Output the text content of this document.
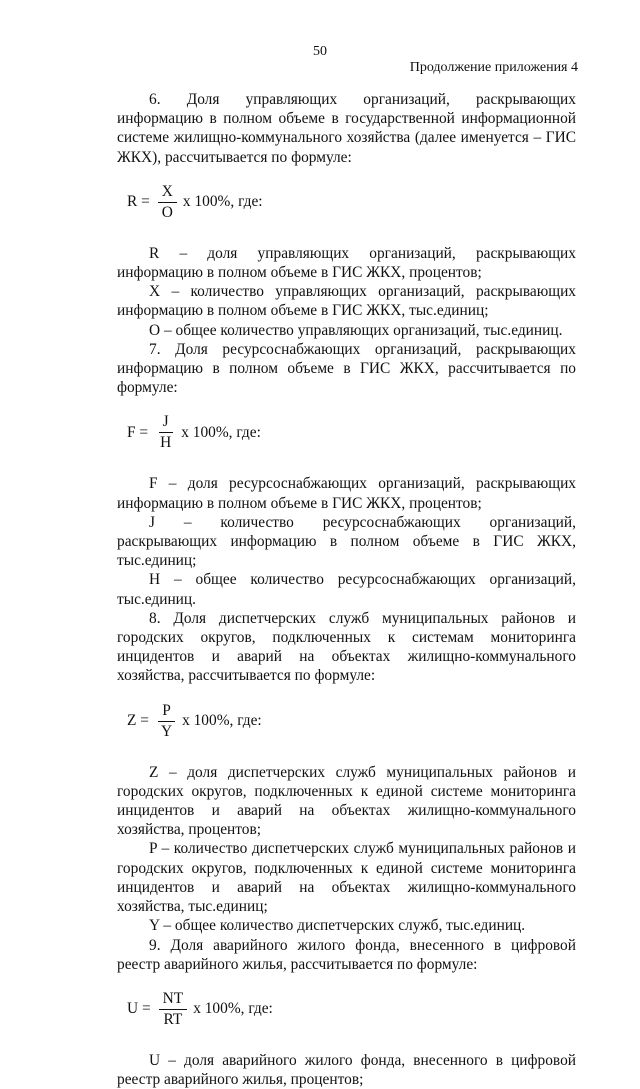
50
Продолжение приложения 4

6. Доля управляющих организаций, раскрывающих информацию в полном объеме в государственной информационной системе жилищно-коммунального хозяйства (далее именуется – ГИС ЖКХ), рассчитывается по формуле:

$R = \frac{X}{O}$ x 100%, где:

R – доля управляющих организаций, раскрывающих информацию в полном объеме в ГИС ЖКХ, процентов;

X – количество управляющих организаций, раскрывающих информацию в полном объеме в ГИС ЖКХ, тыс.единиц;

O – общее количество управляющих организаций, тыс.единиц.

7. Доля ресурсоснабжающих организаций, раскрывающих информацию в полном объеме в ГИС ЖКХ, рассчитывается по формуле:

$F = \frac{J}{H}$ x 100%, где:

F – доля ресурсоснабжающих организаций, раскрывающих информацию в полном объеме в ГИС ЖКХ, процентов;

J – количество ресурсоснабжающих организаций, раскрывающих информацию в полном объеме в ГИС ЖКХ, тыс.единиц;

H – общее количество ресурсоснабжающих организаций, тыс.единиц.

8. Доля диспетчерских служб муниципальных районов и городских округов, подключенных к системам мониторинга инцидентов и аварий на объектах жилищно-коммунального хозяйства, рассчитывается по формуле:

$Z = \frac{P}{Y}$ x 100%, где:

Z – доля диспетчерских служб муниципальных районов и городских округов, подключенных к единой системе мониторинга инцидентов и аварий на объектах жилищно-коммунального хозяйства, процентов;

P – количество диспетчерских служб муниципальных районов и городских округов, подключенных к единой системе мониторинга инцидентов и аварий на объектах жилищно-коммунального хозяйства, тыс.единиц;

Y – общее количество диспетчерских служб, тыс.единиц.

9. Доля аварийного жилого фонда, внесенного в цифровой реестр аварийного жилья, рассчитывается по формуле:

$U = \frac{NT}{RT}$ x 100%, где:

U – доля аварийного жилого фонда, внесенного в цифровой реестр аварийного жилья, процентов;
